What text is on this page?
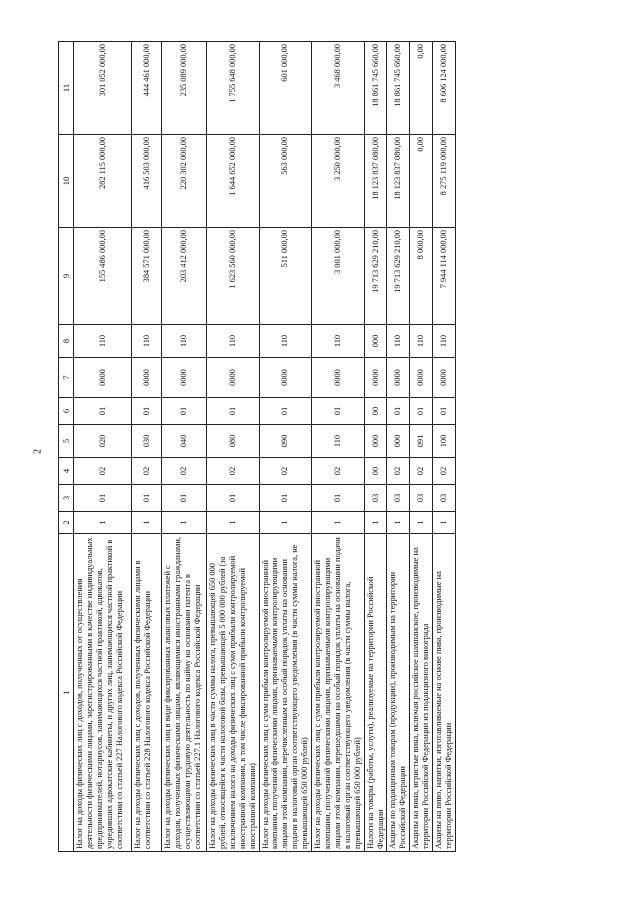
2
1	2	3	4	5	6	7	8	9	10	11
Налог на доходы физических лиц с доходов, полученных от осуществления деятельности физическими лицами, зарегистрированными в качестве индивидуальных предпринимателей, нотариусов, занимающихся частной практикой, адвокатов, учредивших адвокатские кабинеты, и других лиц, занимающихся частной практикой в соответствии со статьей 227 Налогового кодекса Российской Федерации	1	01	02	020	01	0000	110	155 486 000,00	282 115 000,00	301 052 000,00
Налог на доходы физических лиц с доходов, полученных физическими лицами в соответствии со статьей 228 Налогового кодекса Российской Федерации	1	01	02	030	01	0000	110	384 571 000,00	416 503 000,00	444 461 000,00
Налог на доходы физических лиц в виде фиксированных авансовых платежей с доходов, полученных физическими лицами, являющимися иностранными гражданами, осуществляющими трудовую деятельность по найму на основании патента в соответствии со статьей 227.1 Налогового кодекса Российской Федерации	1	01	02	040	01	0000	110	203 412 000,00	220 302 000,00	235 089 000,00
Налог на доходы физических лиц в части суммы налога, превышающей 650 000 рублей, относящейся к части налоговой базы, превышающей 5 000 000 рублей (за исключением налога на доходы физических лиц с сумм прибыли контролируемой иностранной компании, в том числе фиксированной прибыли контролируемой иностранной компании)	1	01	02	080	01	0000	110	1 623 560 000,00	1 644 652 000,00	1 755 648 000,00
Налог на доходы физических лиц с сумм прибыли контролируемой иностранной компании, полученной физическими лицами, признаваемыми контролирующими лицами этой компании, перечисленным на особый порядок уплаты на основании подачи в налоговый орган соответствующего уведомления (в части суммы налога, не превышающей 650 000 рублей)	1	01	02	090	01	0000	110	511 000,00	563 000,00	601 000,00
Налог на доходы физических лиц с сумм прибыли контролируемой иностранной компании, полученной физическими лицами, признаваемыми контролирующими лицами этой компании, перешедшими на особый порядок уплаты на основании подачи в налоговый орган соответствующего уведомления (в части суммы налога, превышающей 650 000 рублей)	1	01	02	110	01	0000	110	3 001 000,00	3 250 000,00	3 468 000,00
Налоги на товары (работы, услуги), реализуемые на территории Российской Федерации	1	03	00	000	00	0000	000	19 713 629 210,00	18 123 837 080,00	18 861 745 660,00
Акцизы по подакцизным товарам (продукции), производимым на территории Российской Федерации	1	03	02	000	01	0000	110	19 713 629 210,00	18 123 837 080,00	18 861 745 660,00
Акцизы на вина, игристые вина, включая российское шампанское, производимые на территории Российской Федерации из подакцизного винограда	1	03	02	091	01	0000	110	8 000,00	0,00	0,00
Акцизы на пиво, напитки, изготавливаемые на основе пива, производимые на территории Российской Федерации	1	03	02	100	01	0000	110	7 944 114 000,00	8 275 119 000,00	8 606 124 000,00
